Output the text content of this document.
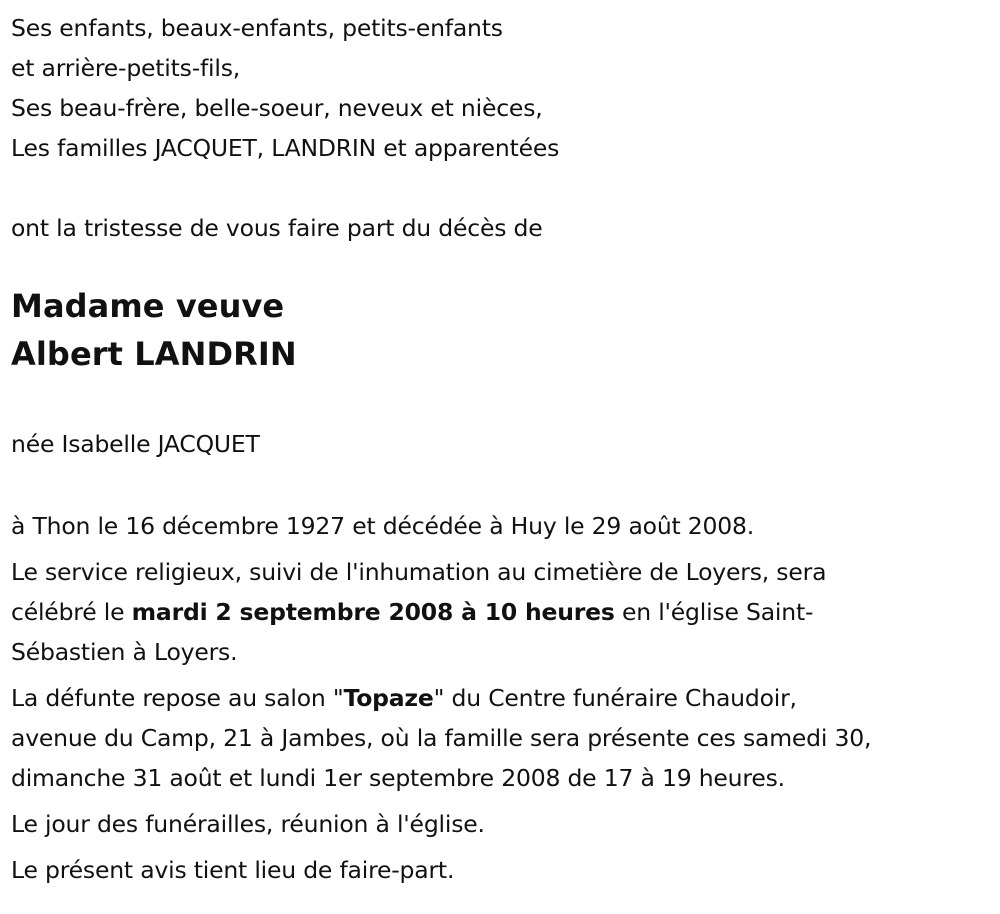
Ses enfants, beaux-enfants, petits-enfants
et arrière-petits-fils,
Ses beau-frère, belle-soeur, neveux et nièces,
Les familles JACQUET, LANDRIN et apparentées
ont la tristesse de vous faire part du décès de
Madame veuve
Albert LANDRIN
née Isabelle JACQUET
à Thon le 16 décembre 1927 et décédée à Huy le 29 août 2008.
Le service religieux, suivi de l'inhumation au cimetière de Loyers, sera
célébré le mardi 2 septembre 2008 à 10 heures en l'église Saint-
Sébastien à Loyers.
La défunte repose au salon "Topaze" du Centre funéraire Chaudoir,
avenue du Camp, 21 à Jambes, où la famille sera présente ces samedi 30,
dimanche 31 août et lundi 1er septembre 2008 de 17 à 19 heures.
Le jour des funérailles, réunion à l'église.
Le présent avis tient lieu de faire-part.
